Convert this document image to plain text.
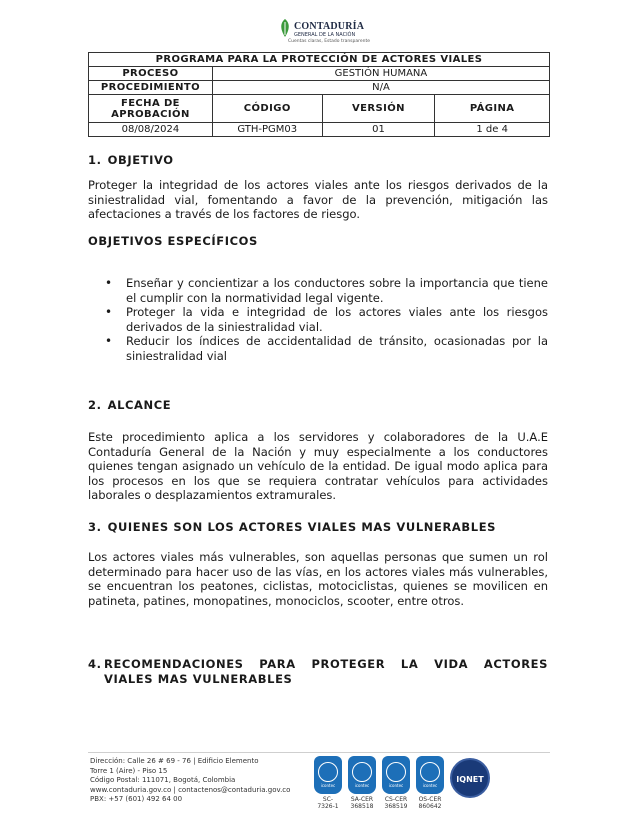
CONTADURÍA
GENERAL DE LA NACIÓN
Cuentas claras, Estado transparente
PROGRAMA PARA LA PROTECCIÓN DE ACTORES VIALES			
PROCESO	GESTIÓN HUMANA		
PROCEDIMIENTO	N/A		
FECHA DE
APROBACIÓN	CÓDIGO	VERSIÓN	PÁGINA
08/08/2024	GTH-PGM03	01	1 de 4
1. OBJETIVO

Proteger la integridad de los actores viales ante los riesgos derivados de la siniestralidad vial, fomentando a favor de la prevención, mitigación las afectaciones a través de los factores de riesgo.

OBJETIVOS ESPECÍFICOS
• Enseñar y concientizar a los conductores sobre la importancia que tiene el cumplir con la normatividad legal vigente.
• Proteger la vida e integridad de los actores viales ante los riesgos derivados de la siniestralidad vial.
• Reducir los índices de accidentalidad de tránsito, ocasionadas por la siniestralidad vial
2. ALCANCE

Este procedimiento aplica a los servidores y colaboradores de la U.A.E Contaduría General de la Nación y muy especialmente a los conductores quienes tengan asignado un vehículo de la entidad. De igual modo aplica para los procesos en los que se requiera contratar vehículos para actividades laborales o desplazamientos extramurales.

3. QUIENES SON LOS ACTORES VIALES MAS VULNERABLES

Los actores viales más vulnerables, son aquellas personas que sumen un rol determinado para hacer uso de las vías, en los actores viales más vulnerables, se encuentran los peatones, ciclistas, motociclistas, quienes se movilicen en patineta, patines, monopatines, monociclos, scooter, entre otros.

4. RECOMENDACIONES PARA PROTEGER LA VIDA ACTORES
VIALES MAS VULNERABLES
Dirección: Calle 26 # 69 - 76 | Edificio Elemento
Torre 1 (Aire) - Piso 15
Código Postal: 111071, Bogotá, Colombia
www.contaduria.gov.co | contactenos@contaduria.gov.co
PBX: +57 (601) 492 64 00
icontec
SC-
7326-1
icontec
SA-CER
368518
icontec
CS-CER
368519
icontec
OS-CER
860642
IQNET
